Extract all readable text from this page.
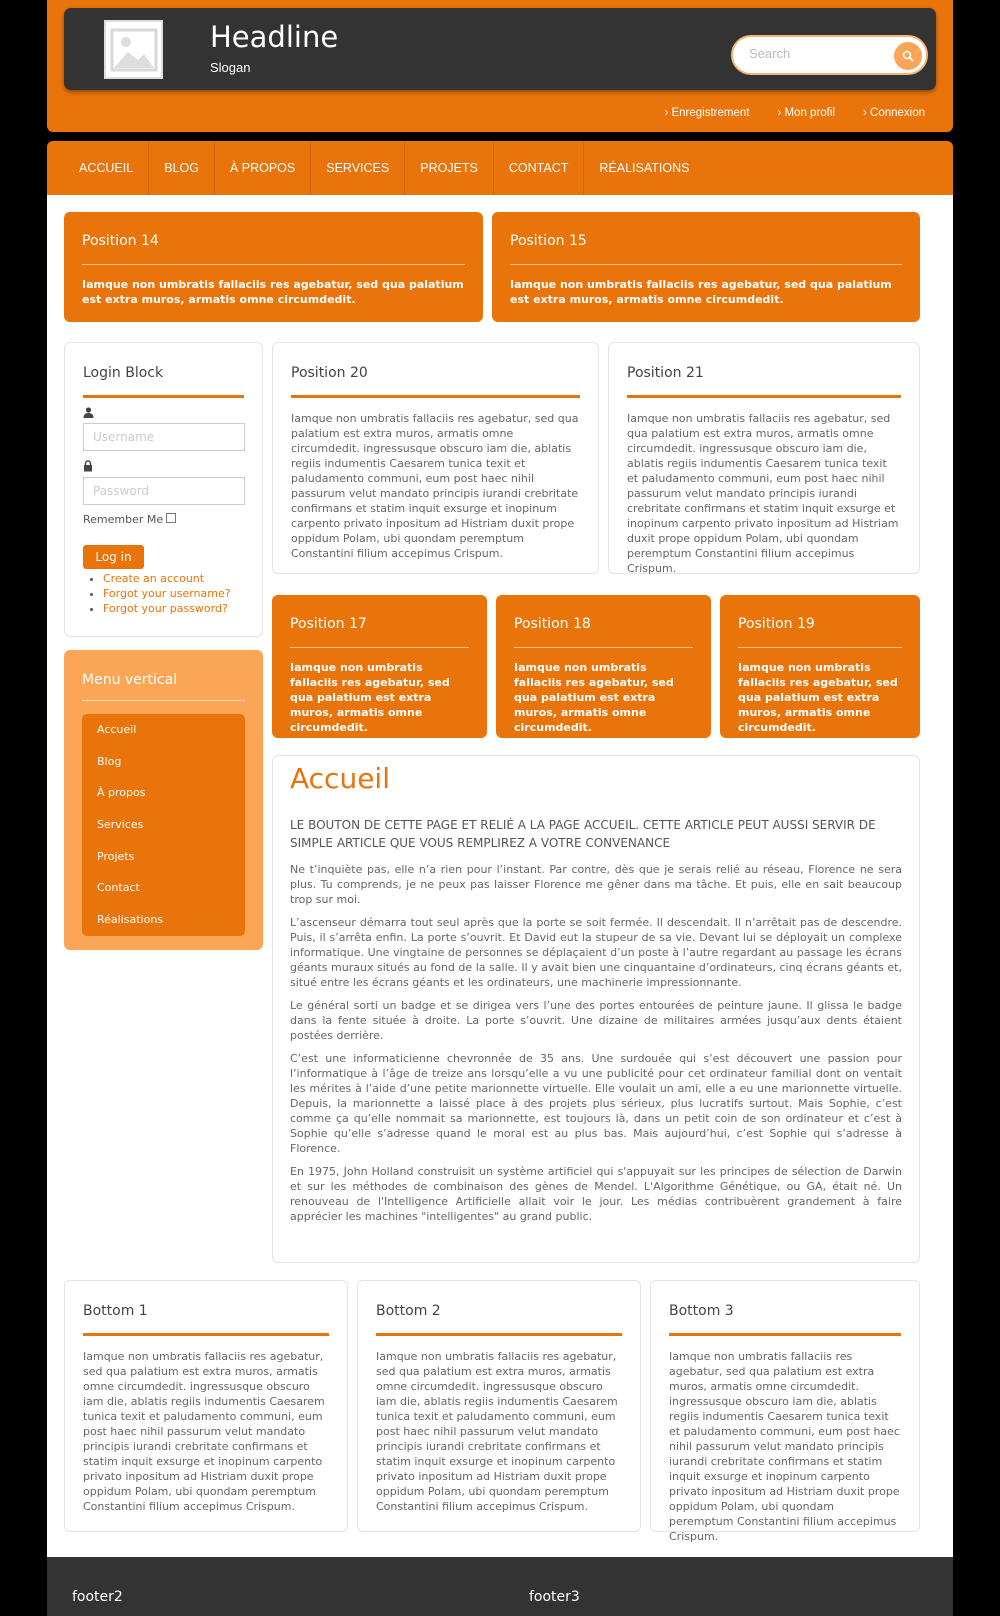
Headline
Slogan
Search
› Enregistrement › Mon profil › Connexion
ACCUEIL	BLOG	À PROPOS	SERVICES	PROJETS	CONTACT	RÉALISATIONS
Position 14

Iamque non umbratis fallaciis res agebatur, sed qua palatium est extra muros, armatis omne circumdedit.

Position 15

Iamque non umbratis fallaciis res agebatur, sed qua palatium est extra muros, armatis omne circumdedit.

Login Block
Username
Remember Me
Log in
• Create an account
• Forgot your username?
• Forgot your password?
Menu vertical
Accueil
Blog
À propos
Services
Projets
Contact
Réalisations
Position 20

Iamque non umbratis fallaciis res agebatur, sed qua palatium est extra muros, armatis omne circumdedit. ingressusque obscuro iam die, ablatis regiis indumentis Caesarem tunica texit et paludamento communi, eum post haec nihil passurum velut mandato principis iurandi crebritate confirmans et statim inquit exsurge et inopinum carpento privato inpositum ad Histriam duxit prope oppidum Polam, ubi quondam peremptum Constantini filium accepimus Crispum.

Position 21

Iamque non umbratis fallaciis res agebatur, sed qua palatium est extra muros, armatis omne circumdedit. ingressusque obscuro iam die, ablatis regiis indumentis Caesarem tunica texit et paludamento communi, eum post haec nihil passurum velut mandato principis iurandi crebritate confirmans et statim inquit exsurge et inopinum carpento privato inpositum ad Histriam duxit prope oppidum Polam, ubi quondam peremptum Constantini filium accepimus Crispum.

Position 17

Iamque non umbratis fallaciis res agebatur, sed qua palatium est extra muros, armatis omne circumdedit.

Position 18

Iamque non umbratis fallaciis res agebatur, sed qua palatium est extra muros, armatis omne circumdedit.

Position 19

Iamque non umbratis fallaciis res agebatur, sed qua palatium est extra muros, armatis omne circumdedit.

Accueil
LE BOUTON DE CETTE PAGE ET RELIÉ A LA PAGE ACCUEIL. CETTE ARTICLE PEUT AUSSI SERVIR DE SIMPLE ARTICLE QUE VOUS REMPLIREZ A VOTRE CONVENANCE

Ne t’inquiète pas, elle n’a rien pour l’instant. Par contre, dès que je serais relié au réseau, Florence ne sera plus. Tu comprends, je ne peux pas laisser Florence me gêner dans ma tâche. Et puis, elle en sait beaucoup trop sur moi.

L’ascenseur démarra tout seul après que la porte se soit fermée. Il descendait. Il n’arrêtait pas de descendre. Puis, il s’arrêta enfin. La porte s’ouvrit. Et David eut la stupeur de sa vie. Devant lui se déployait un complexe informatique. Une vingtaine de personnes se déplaçaient d’un poste à l’autre regardant au passage les écrans géants muraux situés au fond de la salle. Il y avait bien une cinquantaine d’ordinateurs, cinq écrans géants et, situé entre les écrans géants et les ordinateurs, une machinerie impressionnante.

Le général sorti un badge et se dirigea vers l’une des portes entourées de peinture jaune. Il glissa le badge dans la fente située à droite. La porte s’ouvrit. Une dizaine de militaires armées jusqu’aux dents étaient postées derrière.

C’est une informaticienne chevronnée de 35 ans. Une surdouée qui s’est découvert une passion pour l’informatique à l’âge de treize ans lorsqu’elle a vu une publicité pour cet ordinateur familial dont on ventait les mérites à l’aide d’une petite marionnette virtuelle. Elle voulait un ami, elle a eu une marionnette virtuelle. Depuis, la marionnette a laissé place à des projets plus sérieux, plus lucratifs surtout. Mais Sophie, c’est comme ça qu’elle nommait sa marionnette, est toujours là, dans un petit coin de son ordinateur et c’est à Sophie qu’elle s’adresse quand le moral est au plus bas. Mais aujourd’hui, c’est Sophie qui s’adresse à Florence.

En 1975, John Holland construisit un système artificiel qui s'appuyait sur les principes de sélection de Darwin et sur les méthodes de combinaison des gènes de Mendel. L'Algorithme Génétique, ou GA, était né. Un renouveau de l'Intelligence Artificielle allait voir le jour. Les médias contribuèrent grandement à faire apprécier les machines "intelligentes" au grand public.

Bottom 1

Iamque non umbratis fallaciis res agebatur, sed qua palatium est extra muros, armatis omne circumdedit. ingressusque obscuro iam die, ablatis regiis indumentis Caesarem tunica texit et paludamento communi, eum post haec nihil passurum velut mandato principis iurandi crebritate confirmans et statim inquit exsurge et inopinum carpento privato inpositum ad Histriam duxit prope oppidum Polam, ubi quondam peremptum Constantini filium accepimus Crispum.

Bottom 2

Iamque non umbratis fallaciis res agebatur, sed qua palatium est extra muros, armatis omne circumdedit. ingressusque obscuro iam die, ablatis regiis indumentis Caesarem tunica texit et paludamento communi, eum post haec nihil passurum velut mandato principis iurandi crebritate confirmans et statim inquit exsurge et inopinum carpento privato inpositum ad Histriam duxit prope oppidum Polam, ubi quondam peremptum Constantini filium accepimus Crispum.

Bottom 3

Iamque non umbratis fallaciis res agebatur, sed qua palatium est extra muros, armatis omne circumdedit. ingressusque obscuro iam die, ablatis regiis indumentis Caesarem tunica texit et paludamento communi, eum post haec nihil passurum velut mandato principis iurandi crebritate confirmans et statim inquit exsurge et inopinum carpento privato inpositum ad Histriam duxit prope oppidum Polam, ubi quondam peremptum Constantini filium accepimus Crispum.

footer2	footer3
